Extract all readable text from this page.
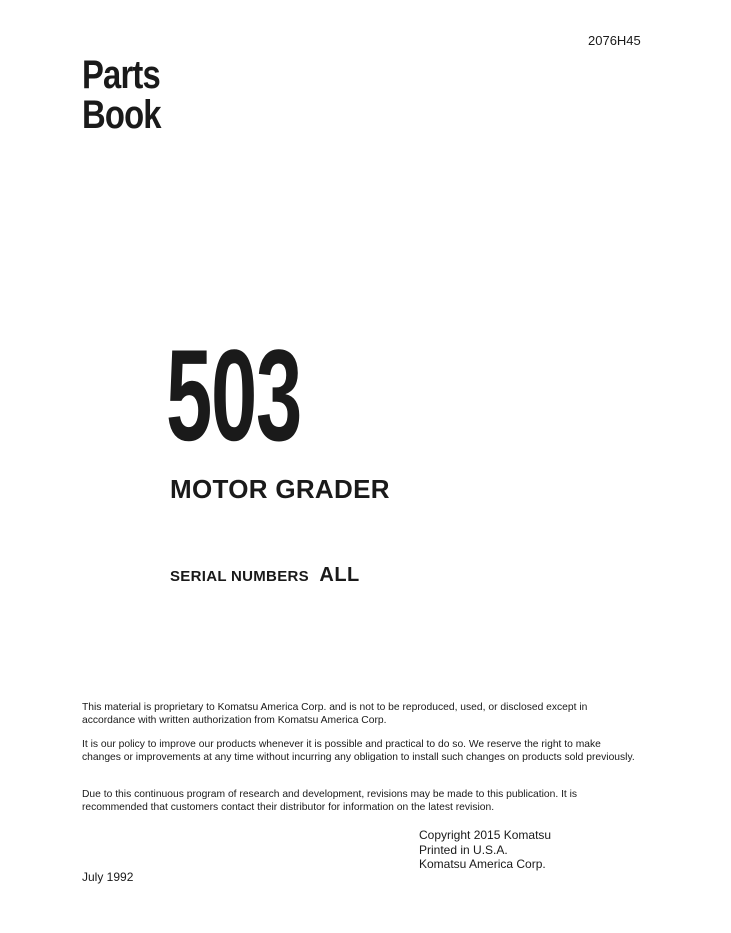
2076H45
Parts
Book
503
MOTOR GRADER
SERIAL NUMBERS ALL

This material is proprietary to Komatsu America Corp. and is not to be reproduced, used, or disclosed except in accordance with written authorization from Komatsu America Corp.

It is our policy to improve our products whenever it is possible and practical to do so. We reserve the right to make changes or improvements at any time without incurring any obligation to install such changes on products sold previously.

Due to this continuous program of research and development, revisions may be made to this publication. It is recommended that customers contact their distributor for information on the latest revision.

Copyright 2015 Komatsu
Printed in U.S.A.
Komatsu America Corp.
July 1992
